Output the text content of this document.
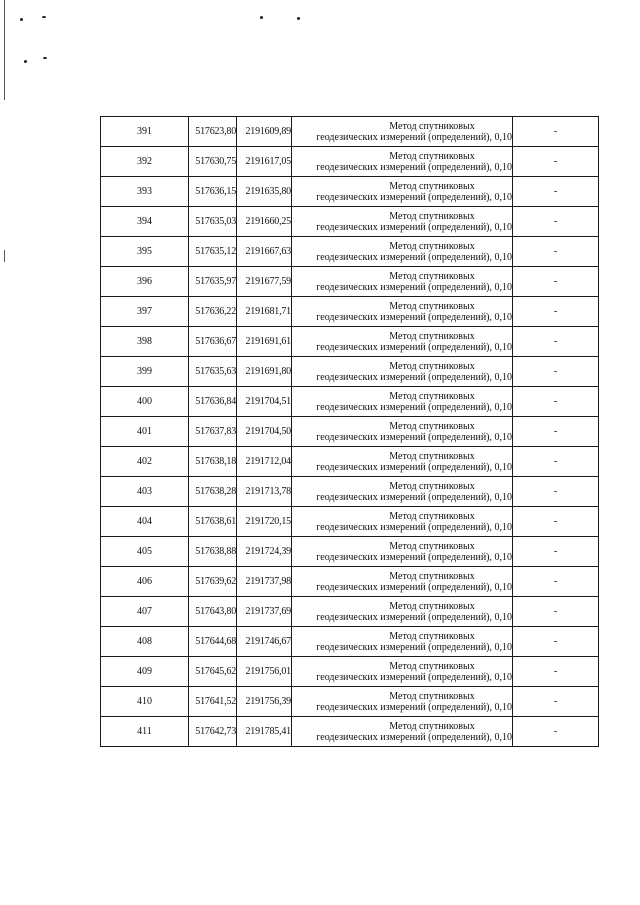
391	517623,80	2191609,89	Метод спутниковых
геодезических измерений (определений), 0,10	-
392	517630,75	2191617,05	Метод спутниковых
геодезических измерений (определений), 0,10	-
393	517636,15	2191635,80	Метод спутниковых
геодезических измерений (определений), 0,10	-
394	517635,03	2191660,25	Метод спутниковых
геодезических измерений (определений), 0,10	-
395	517635,12	2191667,63	Метод спутниковых
геодезических измерений (определений), 0,10	-
396	517635,97	2191677,59	Метод спутниковых
геодезических измерений (определений), 0,10	-
397	517636,22	2191681,71	Метод спутниковых
геодезических измерений (определений), 0,10	-
398	517636,67	2191691,61	Метод спутниковых
геодезических измерений (определений), 0,10	-
399	517635,63	2191691,80	Метод спутниковых
геодезических измерений (определений), 0,10	-
400	517636,84	2191704,51	Метод спутниковых
геодезических измерений (определений), 0,10	-
401	517637,83	2191704,50	Метод спутниковых
геодезических измерений (определений), 0,10	-
402	517638,18	2191712,04	Метод спутниковых
геодезических измерений (определений), 0,10	-
403	517638,28	2191713,78	Метод спутниковых
геодезических измерений (определений), 0,10	-
404	517638,61	2191720,15	Метод спутниковых
геодезических измерений (определений), 0,10	-
405	517638,88	2191724,39	Метод спутниковых
геодезических измерений (определений), 0,10	-
406	517639,62	2191737,98	Метод спутниковых
геодезических измерений (определений), 0,10	-
407	517643,80	2191737,69	Метод спутниковых
геодезических измерений (определений), 0,10	-
408	517644,68	2191746,67	Метод спутниковых
геодезических измерений (определений), 0,10	-
409	517645,62	2191756,01	Метод спутниковых
геодезических измерений (определений), 0,10	-
410	517641,52	2191756,39	Метод спутниковых
геодезических измерений (определений), 0,10	-
411	517642,73	2191785,41	Метод спутниковых
геодезических измерений (определений), 0,10	-
